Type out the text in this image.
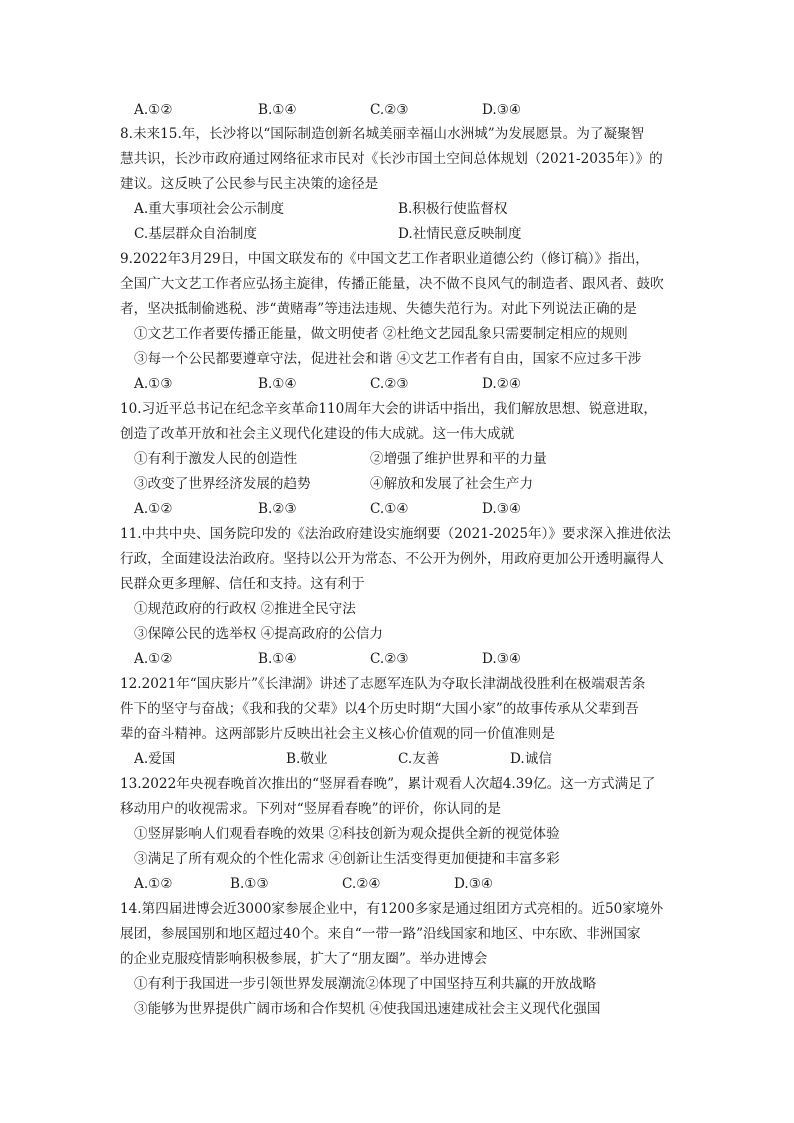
A.①②	B.①④	C.②③	D.③④
8.未来15.年，长沙将以“国际制造创新名城美丽幸福山水洲城”为发展愿景。为了凝聚智
慧共识，长沙市政府通过网络征求市民对《长沙市国土空间总体规划（2021-2035年）》的
建议。这反映了公民参与民主决策的途径是
A.重大事项社会公示制度	B.积极行使监督权
C.基层群众自治制度	D.社情民意反映制度
9.2022年3月29日，中国文联发布的《中国文艺工作者职业道德公约（修订稿）》指出，
全国广大文艺工作者应弘扬主旋律，传播正能量，决不做不良风气的制造者、跟风者、鼓吹
者，坚决抵制偷逃税、涉“黄赌毒”等违法违规、失德失范行为。对此下列说法正确的是
①文艺工作者要传播正能量，做文明使者 ②杜绝文艺园乱象只需要制定相应的规则
③每一个公民都要遵章守法，促进社会和谐 ④文艺工作者有自由，国家不应过多干涉
A.①③	B.①④	C.②③	D.②④
10.习近平总书记在纪念辛亥革命110周年大会的讲话中指出，我们解放思想、锐意进取，
创造了改革开放和社会主义现代化建设的伟大成就。这一伟大成就
①有利于激发人民的创造性	②增强了维护世界和平的力量
③改变了世界经济发展的趋势	④解放和发展了社会生产力
A.①②	B.②③	C.①④	D.③④
11.中共中央、国务院印发的《法治政府建设实施纲要（2021-2025年）》要求深入推进依法
行政，全面建设法治政府。坚持以公开为常态、不公开为例外，用政府更加公开透明赢得人
民群众更多理解、信任和支持。这有利于
①规范政府的行政权 ②推进全民守法
③保障公民的选举权 ④提高政府的公信力
A.①②	B.①④	C.②③	D.③④
12.2021年“国庆影片”《长津湖》讲述了志愿军连队为夺取长津湖战役胜利在极端艰苦条
件下的坚守与奋战；《我和我的父辈》以4个历史时期“大国小家”的故事传承从父辈到吾
辈的奋斗精神。这两部影片反映出社会主义核心价值观的同一价值准则是
A.爱国	B.敬业	C.友善	D.诚信
13.2022年央视春晚首次推出的“竖屏看春晚”，累计观看人次超4.39亿。这一方式满足了
移动用户的收视需求。下列对“竖屏看春晚”的评价，你认同的是
①竖屏影响人们观看春晚的效果 ②科技创新为观众提供全新的视觉体验
③满足了所有观众的个性化需求 ④创新让生活变得更加便捷和丰富多彩
A.①②	B.①③	C.②④	D.③④
14.第四届进博会近3000家参展企业中，有1200多家是通过组团方式亮相的。近50家境外
展团，参展国别和地区超过40个。来自“一带一路”沿线国家和地区、中东欧、非洲国家
的企业克服疫情影响积极参展，扩大了“朋友圈”。举办进博会
①有利于我国进一步引领世界发展潮流②体现了中国坚持互利共赢的开放战略
③能够为世界提供广阔市场和合作契机 ④使我国迅速建成社会主义现代化强国
